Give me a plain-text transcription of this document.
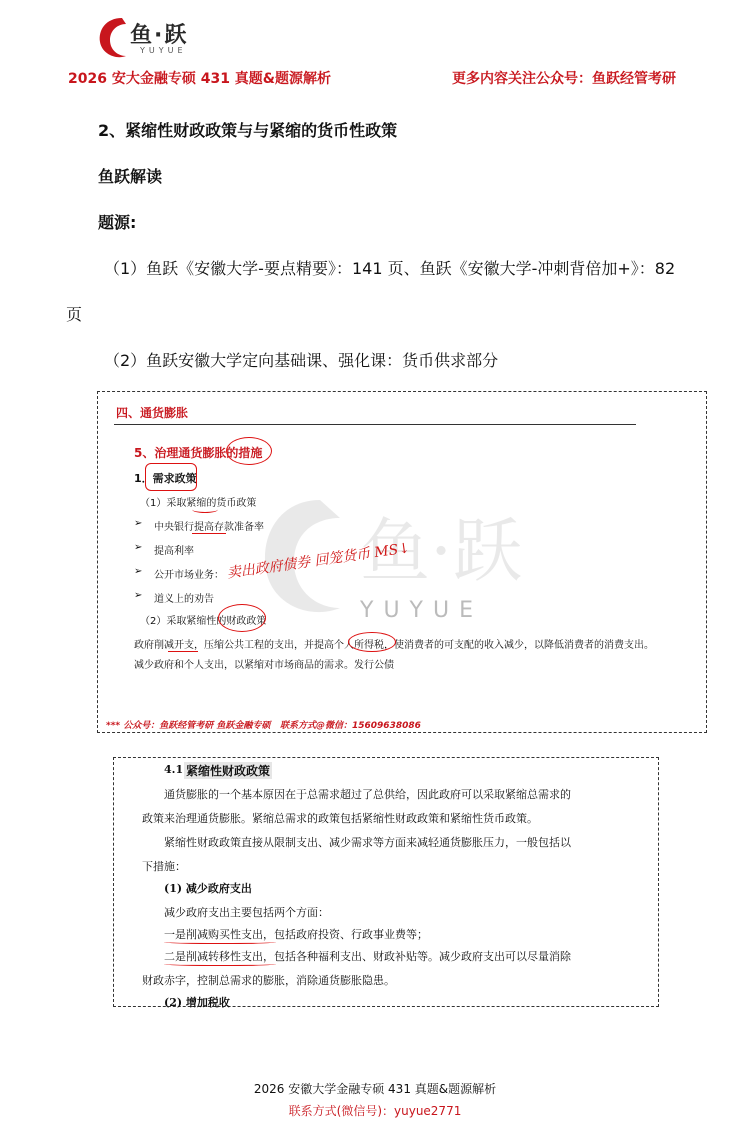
鱼·跃
YUYUE
2026 安大金融专硕 431 真题&题源解析	更多内容关注公众号：鱼跃经管考研
2、紧缩性财政政策与与紧缩的货币性政策
鱼跃解读
题源:
（1）鱼跃《安徽大学-要点精要》：141 页、鱼跃《安徽大学-冲刺背倍加+》：82
页
（2）鱼跃安徽大学定向基础课、强化课：货币供求部分
鱼·跃
YUYUE
四、通货膨胀
5、治理通货膨胀的措施
1．需求政策
（1）采取紧缩的货币政策
➢ 中央银行提高存款准备率
➢ 提高利率
➢ 公开市场业务： 卖出政府债券 回笼货币 MS↓
➢ 道义上的劝告
（2）采取紧缩性的财政政策
政府削减开支，压缩公共工程的支出，并提高个人所得税，使消费者的可支配的收入减少，以降低消费者的消费支出。
减少政府和个人支出，以紧缩对市场商品的需求。发行公债
*** 公众号：鱼跃经管考研 鱼跃金融专硕 联系方式@微信：15609638086
4.1 紧缩性财政政策
通货膨胀的一个基本原因在于总需求超过了总供给，因此政府可以采取紧缩总需求的
政策来治理通货膨胀。紧缩总需求的政策包括紧缩性财政政策和紧缩性货币政策。
紧缩性财政政策直接从限制支出、减少需求等方面来减轻通货膨胀压力，一般包括以
下措施：
(1) 减少政府支出
减少政府支出主要包括两个方面：
一是削减购买性支出，包括政府投资、行政事业费等；
二是削减转移性支出，包括各种福利支出、财政补贴等。减少政府支出可以尽量消除
财政赤字，控制总需求的膨胀，消除通货膨胀隐患。
(2) 增加税收
2026 安徽大学金融专硕 431 真题&题源解析
联系方式(微信号)：yuyue2771
